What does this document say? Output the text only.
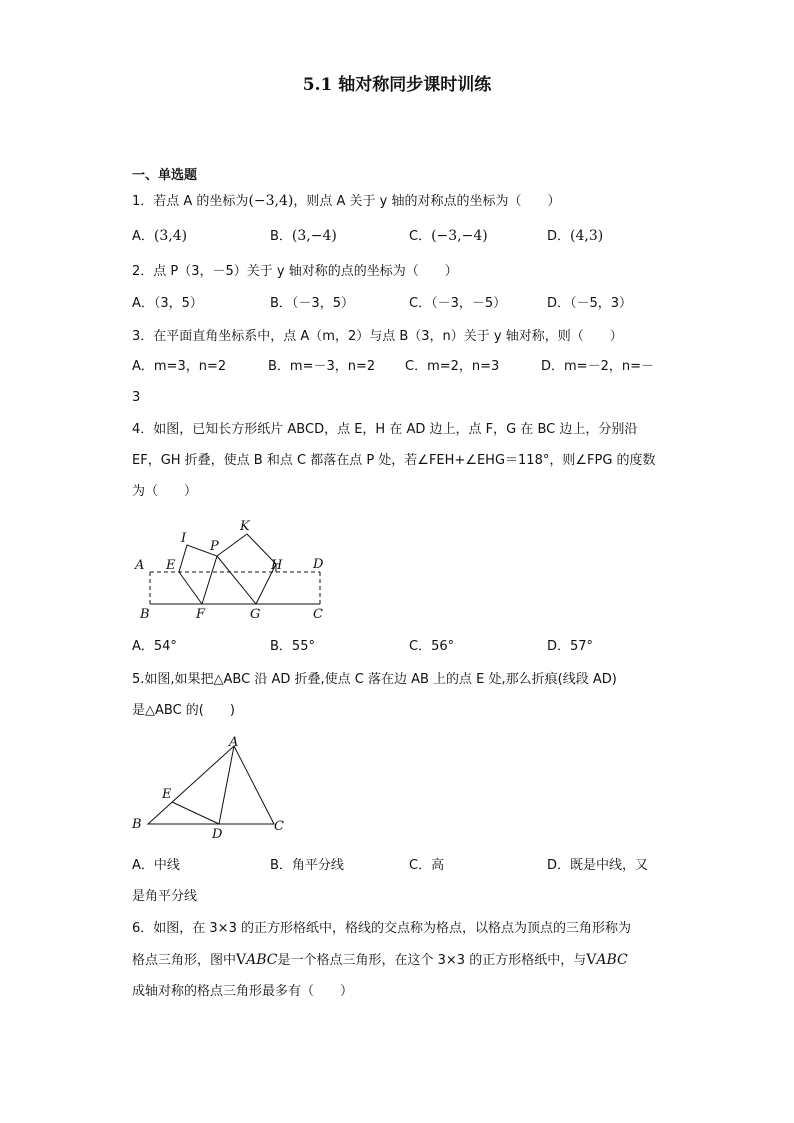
5.1 轴对称同步课时训练
一、单选题
1．若点 A 的坐标为(−3,4)，则点 A 关于 y 轴的对称点的坐标为（　　）
A．(3,4)	B．(3,−4)	C．(−3,−4)	D．(4,3)
2．点 P（3，－5）关于 y 轴对称的点的坐标为（　　）
A．（3，5）	B．（－3，5）	C．（－3，－5）	D．（－5，3）
3．在平面直角坐标系中，点 A（m，2）与点 B（3，n）关于 y 轴对称，则（　　）
A．m=3，n=2	B．m=－3，n=2 C．m=2，n=3	D．m=－2，n=－
3
4．如图，已知长方形纸片 ABCD，点 E，H 在 AD 边上，点 F，G 在 BC 边上，分别沿
EF，GH 折叠，使点 B 和点 C 都落在点 P 处，若∠FEH+∠EHG＝118°，则∠FPG 的度数
为（　　）
A
B	C
D
E
F	G
H
I
K
P
A．54°	B．55°	C．56°	D．57°
5.如图,如果把△ABC 沿 AD 折叠,使点 C 落在边 AB 上的点 E 处,那么折痕(线段 AD)
是△ABC 的(　　)
A
B	C
D
E
A．中线	B．角平分线	C．高	D．既是中线，又
是角平分线
6．如图，在 3×3 的正方形格纸中，格线的交点称为格点，以格点为顶点的三角形称为
格点三角形，图中VABC是一个格点三角形，在这个 3×3 的正方形格纸中，与VABC
成轴对称的格点三角形最多有（　　）
